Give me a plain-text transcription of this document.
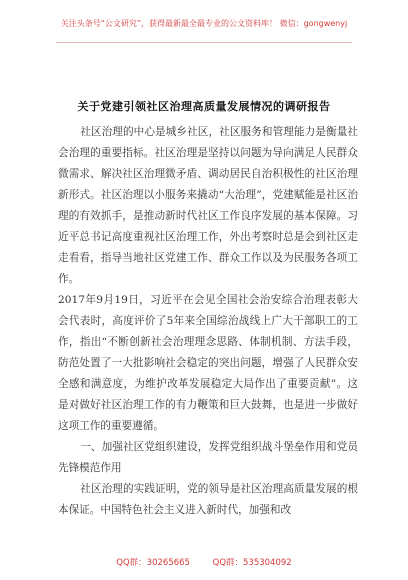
关注头条号“公文研究”，获得最新最全最专业的公文资料库！ 微信：gongwenyj
关于党建引领社区治理高质量发展情况的调研报告

社区治理的中心是城乡社区，社区服务和管理能力是衡量社会治理的重要指标。社区治理是坚持以问题为导向满足人民群众微需求、解决社区治理微矛盾、调动居民自治积极性的社区治理新形式。社区治理以小服务来撬动“大治理”，党建赋能是社区治理的有效抓手，是推动新时代社区工作良序发展的基本保障。习近平总书记高度重视社区治理工作，外出考察时总是会到社区走走看看，指导当地社区党建工作、群众工作以及为民服务各项工作。

2017年9月19日，习近平在会见全国社会治安综合治理表彰大会代表时，高度评价了5年来全国综治战线上广大干部职工的工作，指出“不断创新社会治理理念思路、体制机制、方法手段，防范处置了一大批影响社会稳定的突出问题，增强了人民群众安全感和满意度，为维护改革发展稳定大局作出了重要贡献”。这是对做好社区治理工作的有力鞭策和巨大鼓舞，也是进一步做好这项工作的重要遵循。

一、加强社区党组织建设，发挥党组织战斗堡垒作用和党员先锋模范作用

社区治理的实践证明，党的领导是社区治理高质量发展的根本保证。中国特色社会主义进入新时代，加强和改

QQ群：30265665	QQ群：535304092
